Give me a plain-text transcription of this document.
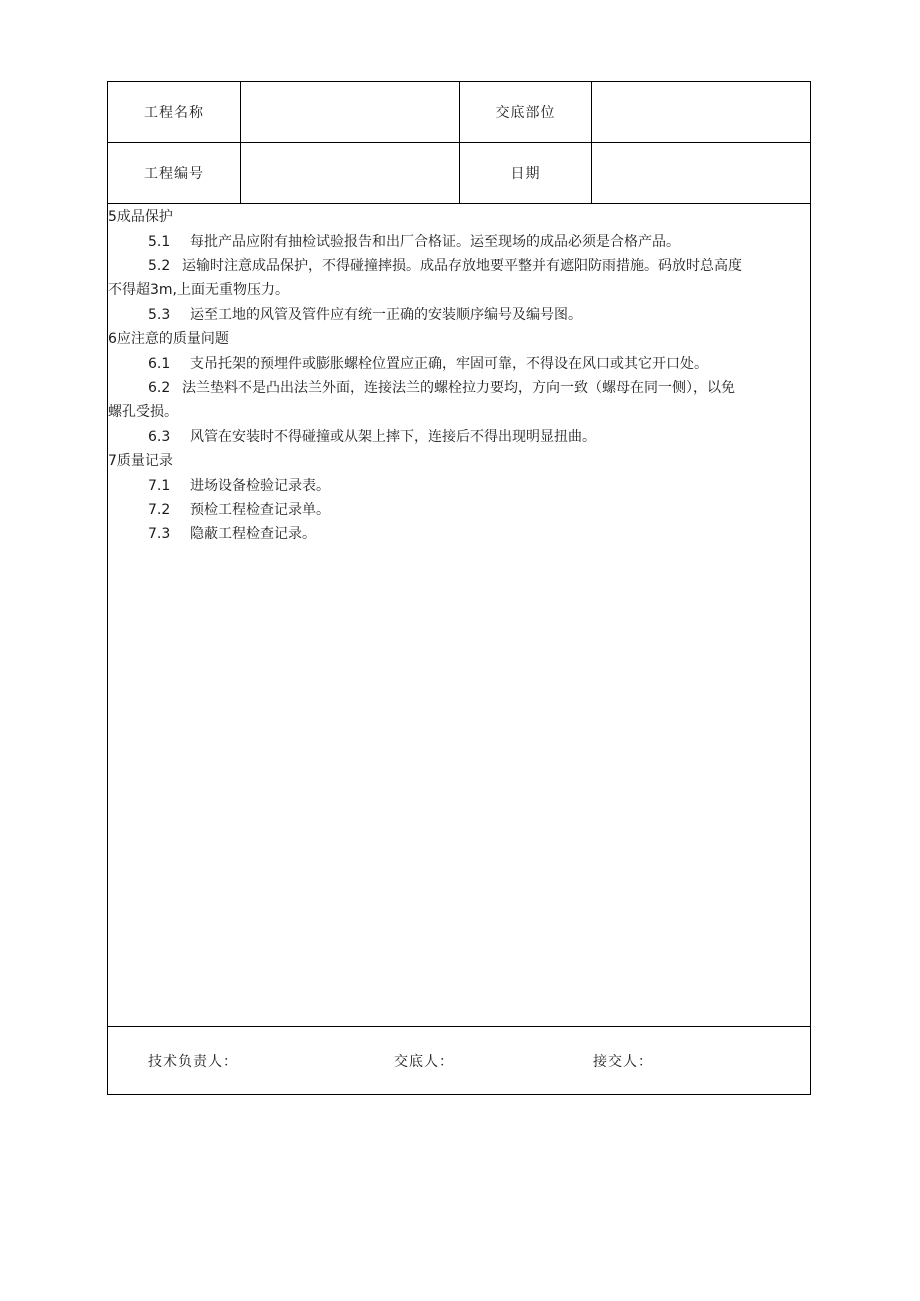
工程名称	交底部位
工程编号	日期
5成品保护
5.1 每批产品应附有抽检试验报告和出厂合格证。运至现场的成品必须是合格产品。
5.2 运输时注意成品保护，不得碰撞摔损。成品存放地要平整并有遮阳防雨措施。码放时总高度
不得超3m,上面无重物压力。
5.3 运至工地的风管及管件应有统一正确的安装顺序编号及编号图。
6应注意的质量问题
6.1 支吊托架的预埋件或膨胀螺栓位置应正确，牢固可靠，不得设在风口或其它开口处。
6.2 法兰垫料不是凸出法兰外面，连接法兰的螺栓拉力要均，方向一致（螺母在同一侧），以免
螺孔受损。
6.3 风管在安装时不得碰撞或从架上摔下，连接后不得出现明显扭曲。
7质量记录
7.1 进场设备检验记录表。
7.2 预检工程检查记录单。
7.3 隐蔽工程检查记录。
技术负责人：	交底人：	接交人：
